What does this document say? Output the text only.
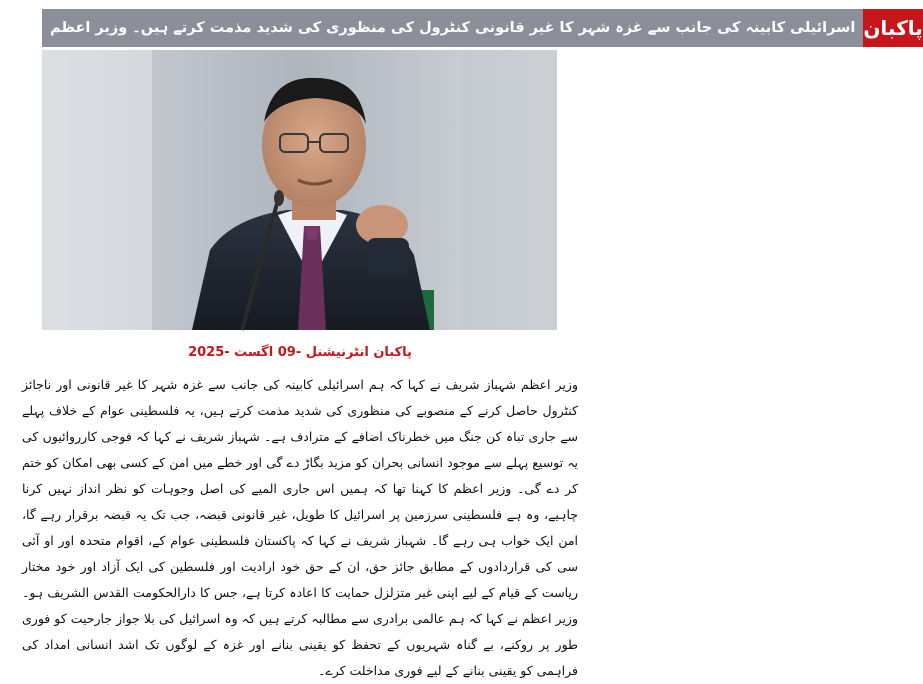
اسرائیلی کابینہ کی جانب سے غزہ شہر کا غیر قانونی کنٹرول کی منظوری کی شدید مذمت کرتے ہیں۔ وزیر اعظم پاکبان
پاکبان انٹرنیشنل -09 اگست -2025

وزیر اعظم شہباز شریف نے کہا کہ ہم اسرائیلی کابینہ کی جانب سے غزہ شہر کا غیر قانونی اور ناجائز کنٹرول حاصل کرنے کے منصوبے کی منظوری کی شدید مذمت کرتے ہیں، یہ فلسطینی عوام کے خلاف پہلے سے جاری تباہ کن جنگ میں خطرناک اضافے کے مترادف ہے۔ شہباز شریف نے کہا کہ فوجی کارروائیوں کی یہ توسیع پہلے سے موجود انسانی بحران کو مزید بگاڑ دے گی اور خطے میں امن کے کسی بھی امکان کو ختم کر دے گی۔ وزیر اعظم کا کہنا تھا کہ ہمیں اس جاری المیے کی اصل وجوہات کو نظر انداز نہیں کرنا چاہیے، وہ ہے فلسطینی سرزمین پر اسرائیل کا طویل، غیر قانونی قبضہ، جب تک یہ قبضہ برقرار رہے گا، امن ایک خواب ہی رہے گا۔ شہباز شریف نے کہا کہ پاکستان فلسطینی عوام کے، اقوام متحدہ اور او آئی سی کی قراردادوں کے مطابق جائز حق، ان کے حق خود ارادیت اور فلسطین کی ایک آزاد اور خود مختار ریاست کے قیام کے لیے اپنی غیر متزلزل حمایت کا اعادہ کرتا ہے، جس کا دارالحکومت القدس الشریف ہو۔ وزیر اعظم نے کہا کہ ہم عالمی برادری سے مطالبہ کرتے ہیں کہ وہ اسرائیل کی بلا جواز جارحیت کو فوری طور پر روکنے، بے گناہ شہریوں کے تحفظ کو یقینی بنانے اور غزہ کے لوگوں تک اشد انسانی امداد کی فراہمی کو یقینی بنانے کے لیے فوری مداخلت کرے۔
